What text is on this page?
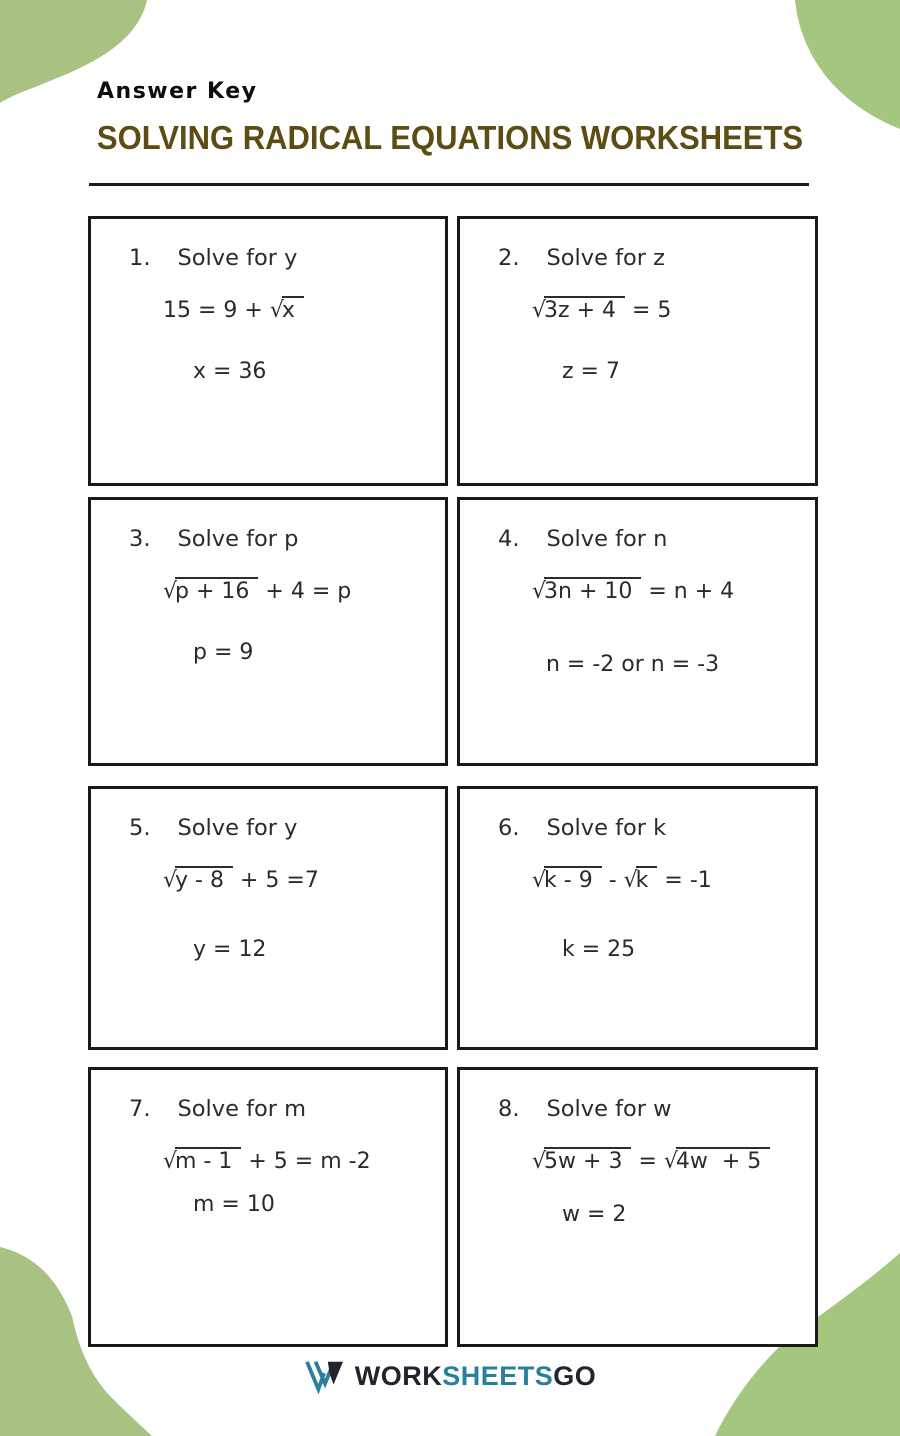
Answer Key
SOLVING RADICAL EQUATIONS WORKSHEETS
1. Solve for y
15 = 9 + √x
x = 36
2. Solve for z
√3z + 4 = 5
z = 7
3. Solve for p
√p + 16 + 4 = p
p = 9
4. Solve for n
√3n + 10 = n + 4
n = -2 or n = -3
5. Solve for y
√y - 8 + 5 =7
y = 12
6. Solve for k
√k - 9 - √k = -1
k = 25
7. Solve for m
√m - 1 + 5 = m -2
m = 10
8. Solve for w
√5w + 3 = √4w  + 5
w = 2
WORKSHEETSGO
